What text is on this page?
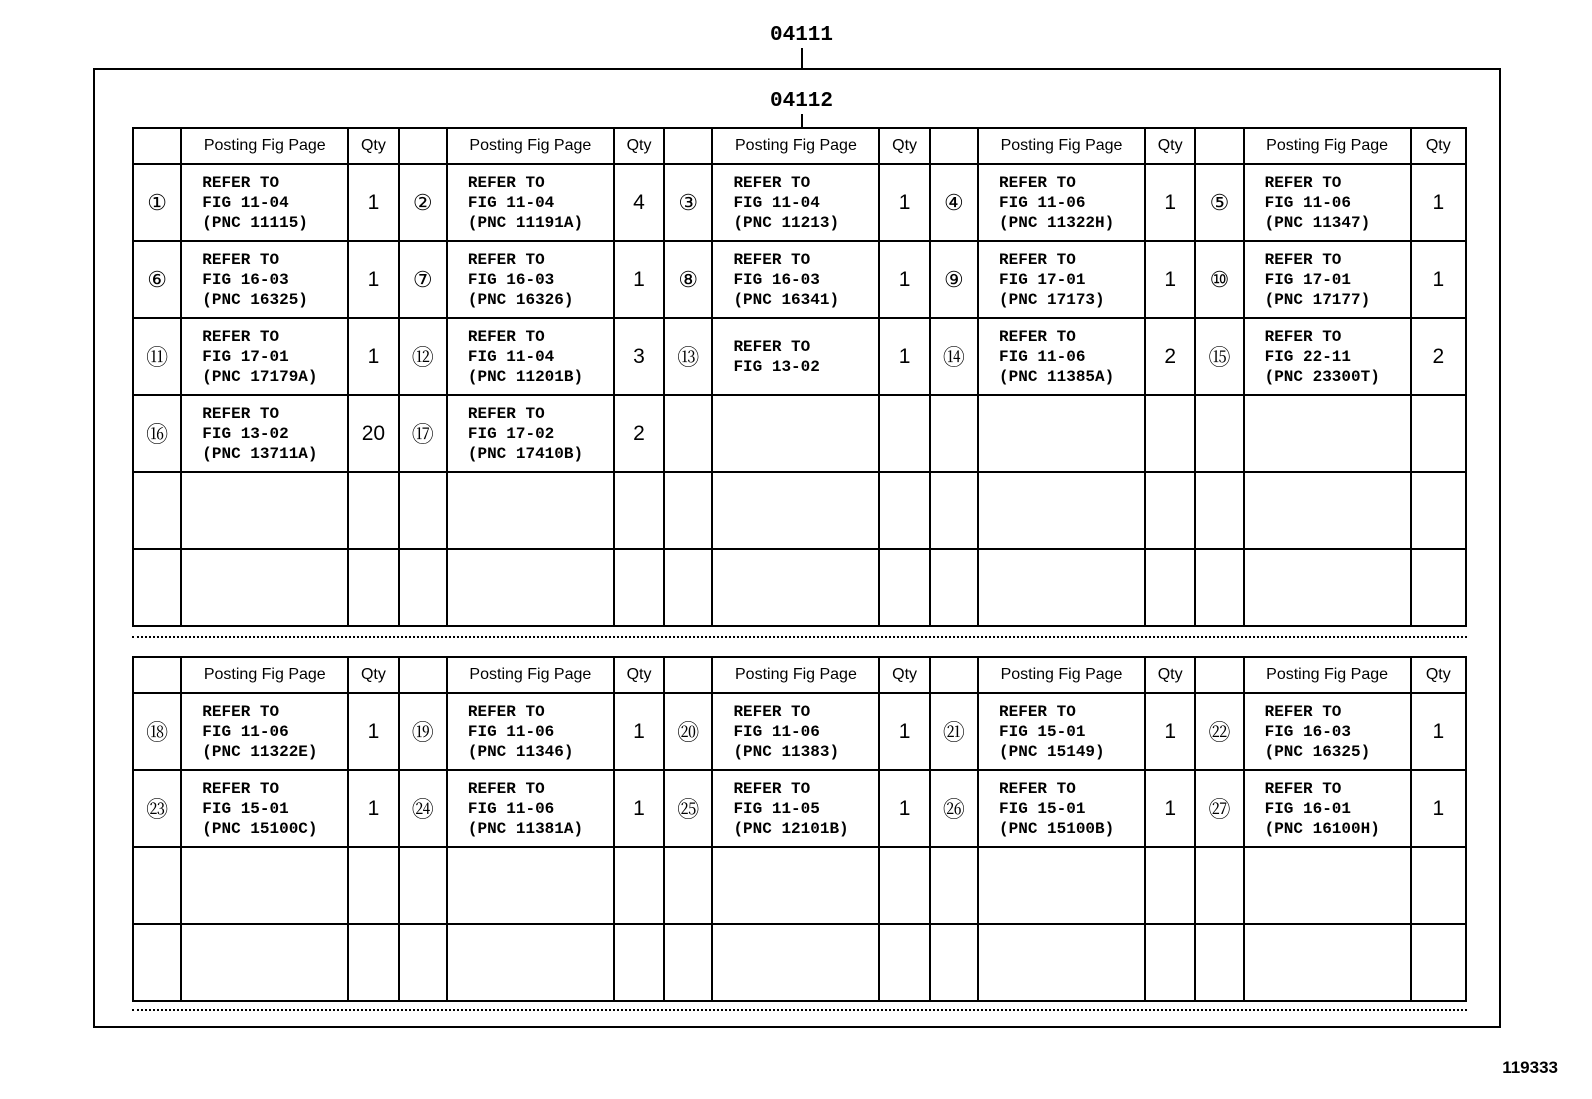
04111
04112
	Posting Fig Page	Qty		Posting Fig Page	Qty		Posting Fig Page	Qty		Posting Fig Page	Qty		Posting Fig Page	Qty
①	REFER TO
FIG 11-04
(PNC 11115)	1	②	REFER TO
FIG 11-04
(PNC 11191A)	4	③	REFER TO
FIG 11-04
(PNC 11213)	1	④	REFER TO
FIG 11-06
(PNC 11322H)	1	⑤	REFER TO
FIG 11-06
(PNC 11347)	1
⑥	REFER TO
FIG 16-03
(PNC 16325)	1	⑦	REFER TO
FIG 16-03
(PNC 16326)	1	⑧	REFER TO
FIG 16-03
(PNC 16341)	1	⑨	REFER TO
FIG 17-01
(PNC 17173)	1	⑩	REFER TO
FIG 17-01
(PNC 17177)	1
⑪	REFER TO
FIG 17-01
(PNC 17179A)	1	⑫	REFER TO
FIG 11-04
(PNC 11201B)	3	⑬	REFER TO
FIG 13-02	1	⑭	REFER TO
FIG 11-06
(PNC 11385A)	2	⑮	REFER TO
FIG 22-11
(PNC 23300T)	2
⑯	REFER TO
FIG 13-02
(PNC 13711A)	20	⑰	REFER TO
FIG 17-02
(PNC 17410B)	2									

	Posting Fig Page	Qty		Posting Fig Page	Qty		Posting Fig Page	Qty		Posting Fig Page	Qty		Posting Fig Page	Qty
⑱	REFER TO
FIG 11-06
(PNC 11322E)	1	⑲	REFER TO
FIG 11-06
(PNC 11346)	1	⑳	REFER TO
FIG 11-06
(PNC 11383)	1	㉑	REFER TO
FIG 15-01
(PNC 15149)	1	㉒	REFER TO
FIG 16-03
(PNC 16325)	1
㉓	REFER TO
FIG 15-01
(PNC 15100C)	1	㉔	REFER TO
FIG 11-06
(PNC 11381A)	1	㉕	REFER TO
FIG 11-05
(PNC 12101B)	1	㉖	REFER TO
FIG 15-01
(PNC 15100B)	1	㉗	REFER TO
FIG 16-01
(PNC 16100H)	1

119333
